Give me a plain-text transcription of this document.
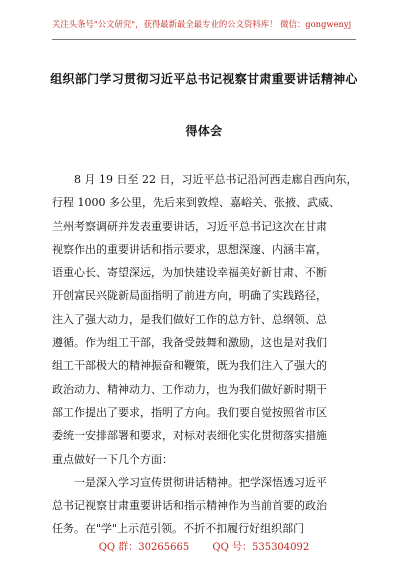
关注头条号"公文研究"，获得最新最全最专业的公文资料库！ 微信：gongwenyj
组织部门学习贯彻习近平总书记视察甘肃重要讲话精神心
得体会
8 月 19 日至 22 日，习近平总书记沿河西走廊自西向东，
行程 1000 多公里，先后来到敦煌、嘉峪关、张掖、武威、
兰州考察调研并发表重要讲话，习近平总书记这次在甘肃
视察作出的重要讲话和指示要求，思想深邃、内涵丰富，
语重心长、寄望深远，为加快建设幸福美好新甘肃、不断
开创富民兴陇新局面指明了前进方向，明确了实践路径，
注入了强大动力，是我们做好工作的总方针、总纲领、总
遵循。作为组工干部，我备受鼓舞和激励，这也是对我们
组工干部极大的精神振奋和鞭策，既为我们注入了强大的
政治动力、精神动力、工作动力，也为我们做好新时期干
部工作提出了要求，指明了方向。我们要自觉按照省市区
委统一安排部署和要求，对标对表细化实化贯彻落实措施
重点做好一下几个方面：
一是深入学习宣传贯彻讲话精神。把学深悟透习近平
总书记视察甘肃重要讲话和指示精神作为当前首要的政治
任务。在"学"上示范引领。不折不扣履行好组织部门
QQ 群：30265665 QQ 号：535304092
